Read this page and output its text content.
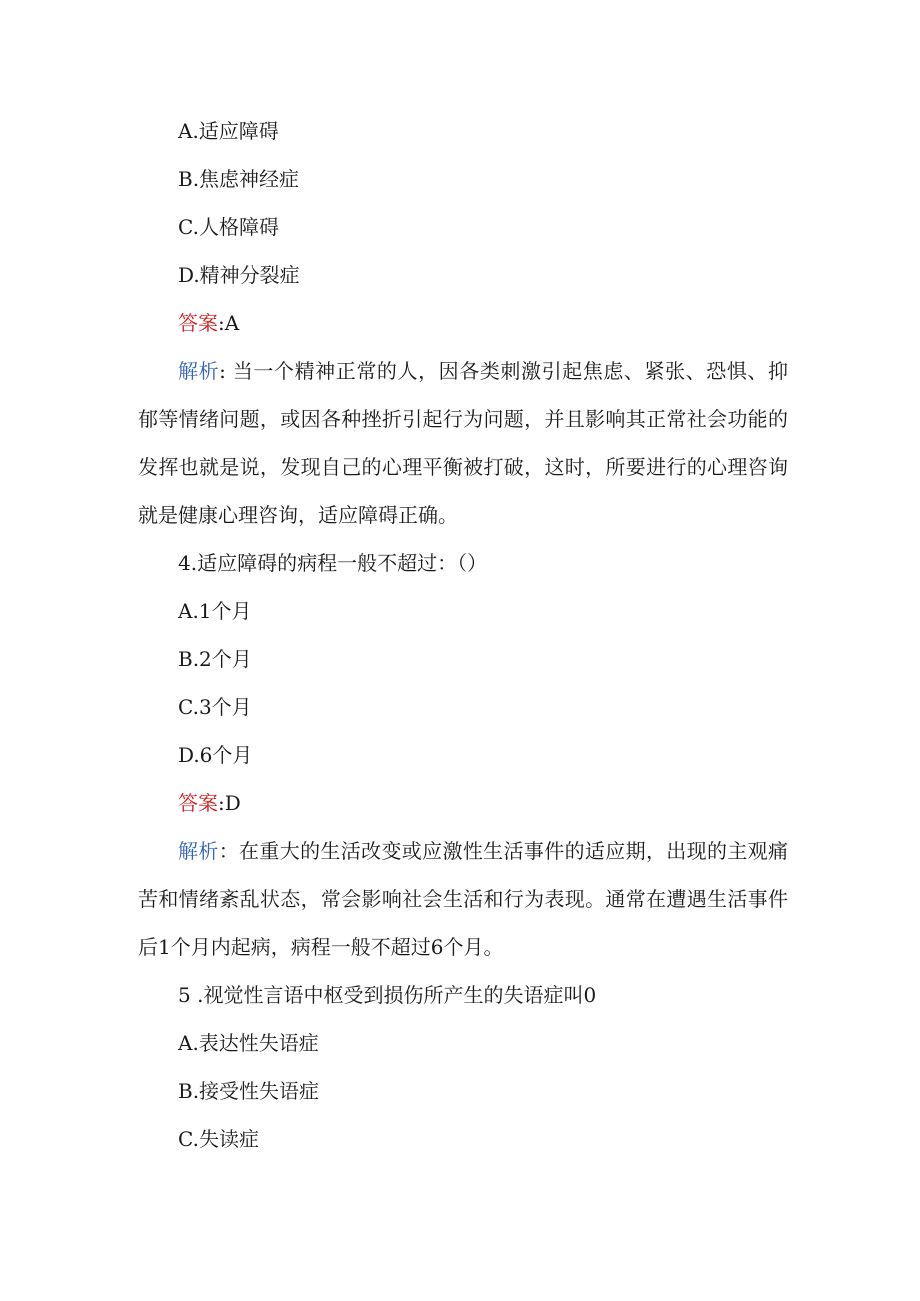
A.适应障碍
B.焦虑神经症
C.人格障碍
D.精神分裂症
答案:A

解析: 当一个精神正常的人，因各类刺激引起焦虑、紧张、恐惧、抑郁等情绪问题，或因各种挫折引起行为问题，并且影响其正常社会功能的发挥也就是说，发现自己的心理平衡被打破，这时，所要进行的心理咨询就是健康心理咨询，适应障碍正确。

4.适应障碍的病程一般不超过：（）
A.1个月
B.2个月
C.3个月
D.6个月
答案:D

解析：在重大的生活改变或应激性生活事件的适应期，出现的主观痛苦和情绪紊乱状态，常会影响社会生活和行为表现。通常在遭遇生活事件后1个月内起病，病程一般不超过6个月。

5 .视觉性言语中枢受到损伤所产生的失语症叫0
A.表达性失语症
B.接受性失语症
C.失读症
